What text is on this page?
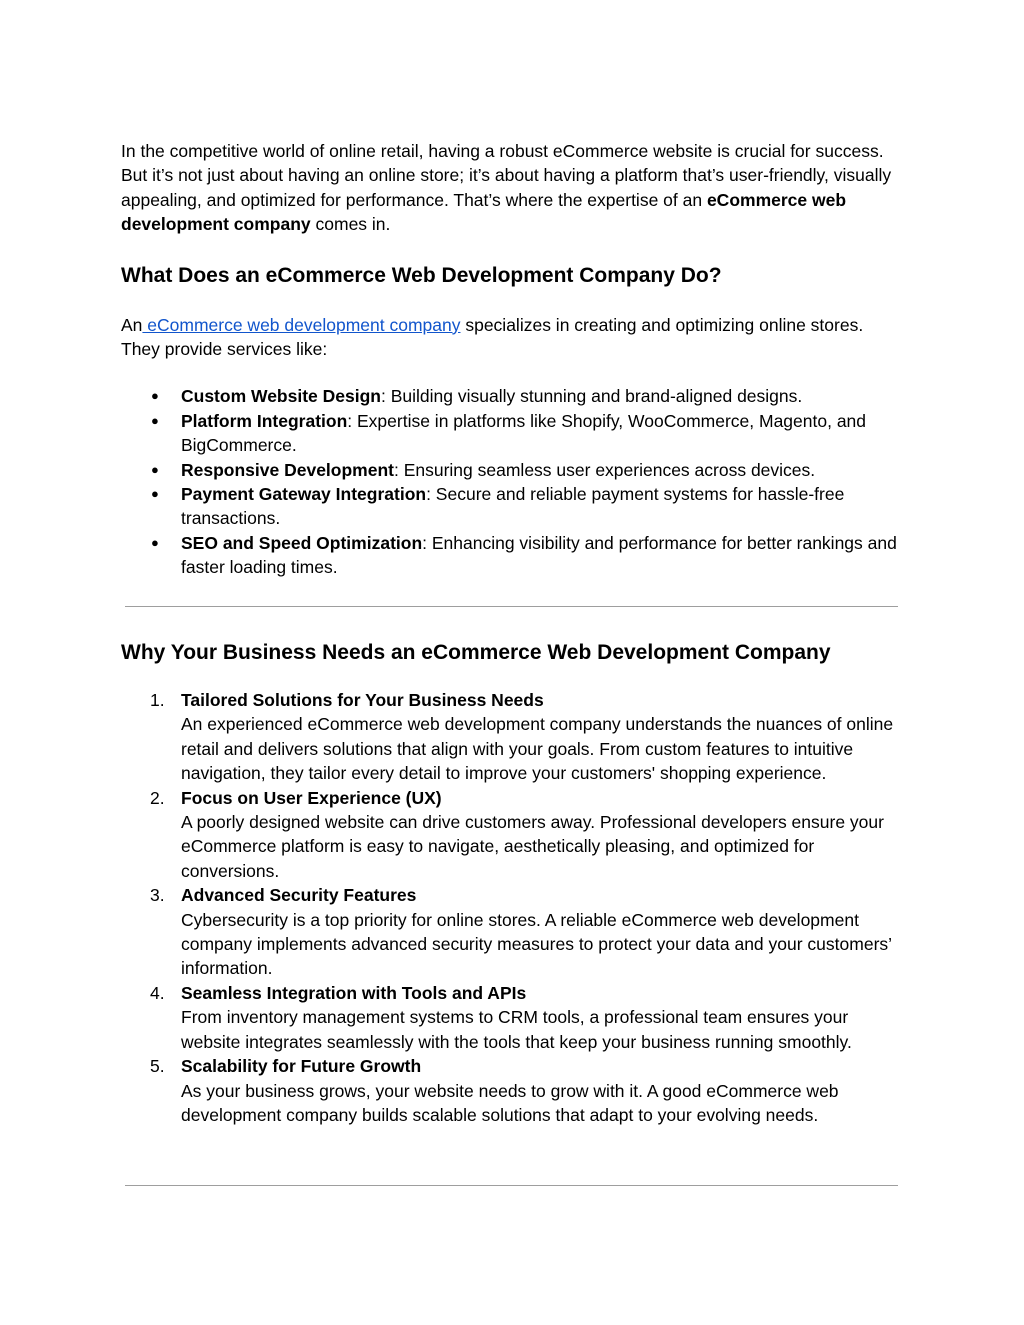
In the competitive world of online retail, having a robust eCommerce website is crucial for success. But it’s not just about having an online store; it’s about having a platform that’s user-friendly, visually appealing, and optimized for performance. That’s where the expertise of an eCommerce web development company comes in.

What Does an eCommerce Web Development Company Do?

An eCommerce web development company specializes in creating and optimizing online stores. They provide services like:

● Custom Website Design: Building visually stunning and brand-aligned designs.
● Platform Integration: Expertise in platforms like Shopify, WooCommerce, Magento, and BigCommerce.
● Responsive Development: Ensuring seamless user experiences across devices.
● Payment Gateway Integration: Secure and reliable payment systems for hassle-free transactions.
● SEO and Speed Optimization: Enhancing visibility and performance for better rankings and faster loading times.
Why Your Business Needs an eCommerce Web Development Company
1. Tailored Solutions for Your Business Needs
An experienced eCommerce web development company understands the nuances of online retail and delivers solutions that align with your goals. From custom features to intuitive navigation, they tailor every detail to improve your customers' shopping experience.
2. Focus on User Experience (UX)
A poorly designed website can drive customers away. Professional developers ensure your eCommerce platform is easy to navigate, aesthetically pleasing, and optimized for conversions.
3. Advanced Security Features
Cybersecurity is a top priority for online stores. A reliable eCommerce web development company implements advanced security measures to protect your data and your customers’ information.
4. Seamless Integration with Tools and APIs
From inventory management systems to CRM tools, a professional team ensures your website integrates seamlessly with the tools that keep your business running smoothly.
5. Scalability for Future Growth
As your business grows, your website needs to grow with it. A good eCommerce web development company builds scalable solutions that adapt to your evolving needs.
